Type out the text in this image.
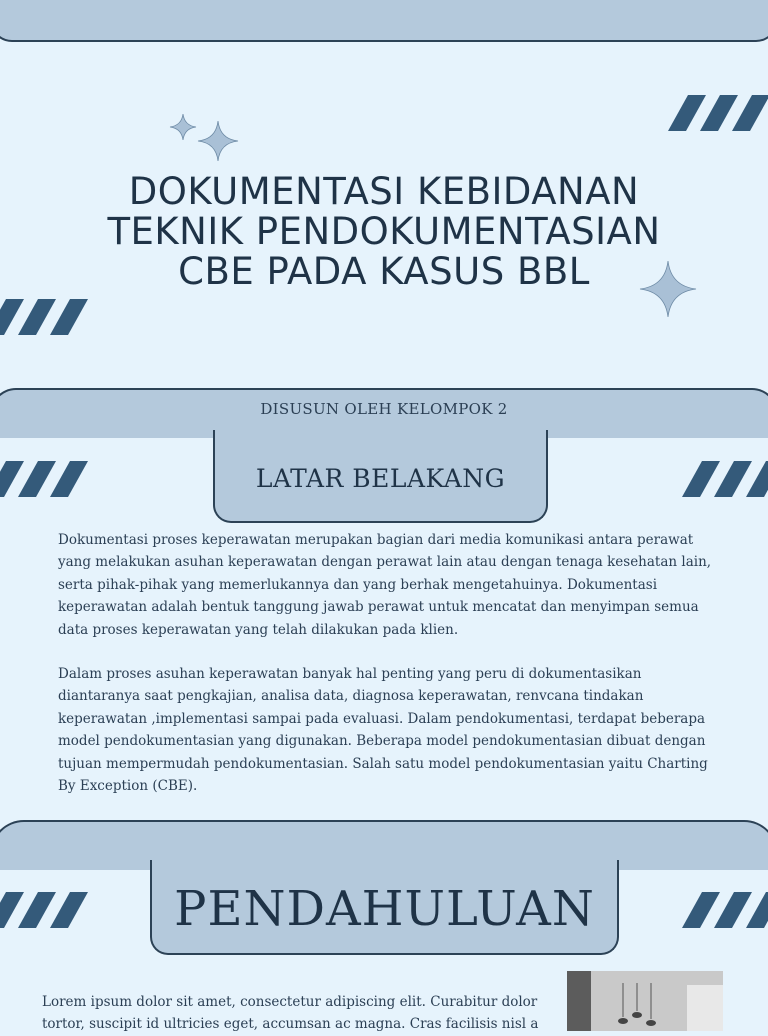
DOKUMENTASI KEBIDANAN
TEKNIK PENDOKUMENTASIAN
CBE PADA KASUS BBL
DISUSUN OLEH KELOMPOK 2
LATAR BELAKANG

Dokumentasi proses keperawatan merupakan bagian dari media komunikasi antara perawat yang melakukan asuhan keperawatan dengan perawat lain atau dengan tenaga kesehatan lain, serta pihak-pihak yang memerlukannya dan yang berhak mengetahuinya. Dokumentasi keperawatan adalah bentuk tanggung jawab perawat untuk mencatat dan menyimpan semua data proses keperawatan yang telah dilakukan pada klien.

Dalam proses asuhan keperawatan banyak hal penting yang peru di dokumentasikan diantaranya saat pengkajian, analisa data, diagnosa keperawatan, renvcana tindakan keperawatan ,implementasi sampai pada evaluasi. Dalam pendokumentasi, terdapat beberapa model pendokumentasian yang digunakan. Beberapa model pendokumentasian dibuat dengan tujuan mempermudah pendokumentasian. Salah satu model pendokumentasian yaitu Charting By Exception (CBE).

PENDAHULUAN

Lorem ipsum dolor sit amet, consectetur adipiscing elit. Curabitur dolor tortor, suscipit id ultricies eget, accumsan ac magna. Cras facilisis nisl a
